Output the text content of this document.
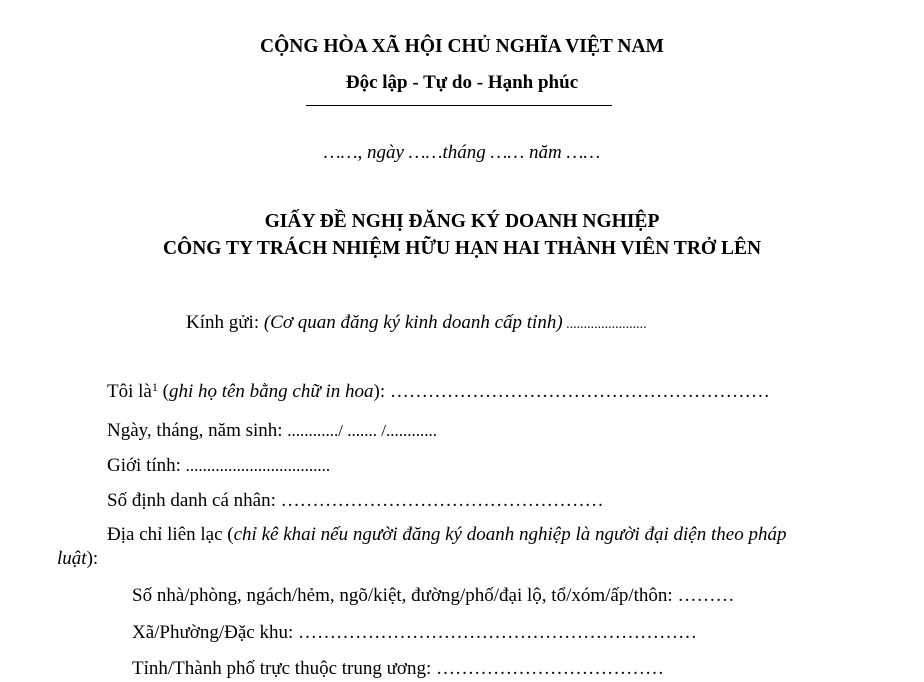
CỘNG HÒA XÃ HỘI CHỦ NGHĨA VIỆT NAM
Độc lập - Tự do - Hạnh phúc
……, ngày ……tháng …… năm ……
GIẤY ĐỀ NGHỊ ĐĂNG KÝ DOANH NGHIỆP
CÔNG TY TRÁCH NHIỆM HỮU HẠN HAI THÀNH VIÊN TRỞ LÊN
Kính gửi: (Cơ quan đăng ký kinh doanh cấp tỉnh) .......................
Tôi $là^1$ (ghi họ tên bằng chữ in hoa): ……………………………………………………
Ngày, tháng, năm sinh: ............/ ....... /............
Giới tính: ..................................
Số định danh cá nhân: ……………………………………………
Địa chỉ liên lạc (chỉ kê khai nếu người đăng ký doanh nghiệp là người đại diện theo pháp
luật):
Số nhà/phòng, ngách/hẻm, ngõ/kiệt, đường/phố/đại lộ, tổ/xóm/ấp/thôn: ………
Xã/Phường/Đặc khu: ………………………………………………………
Tỉnh/Thành phố trực thuộc trung ương: ………………………………
